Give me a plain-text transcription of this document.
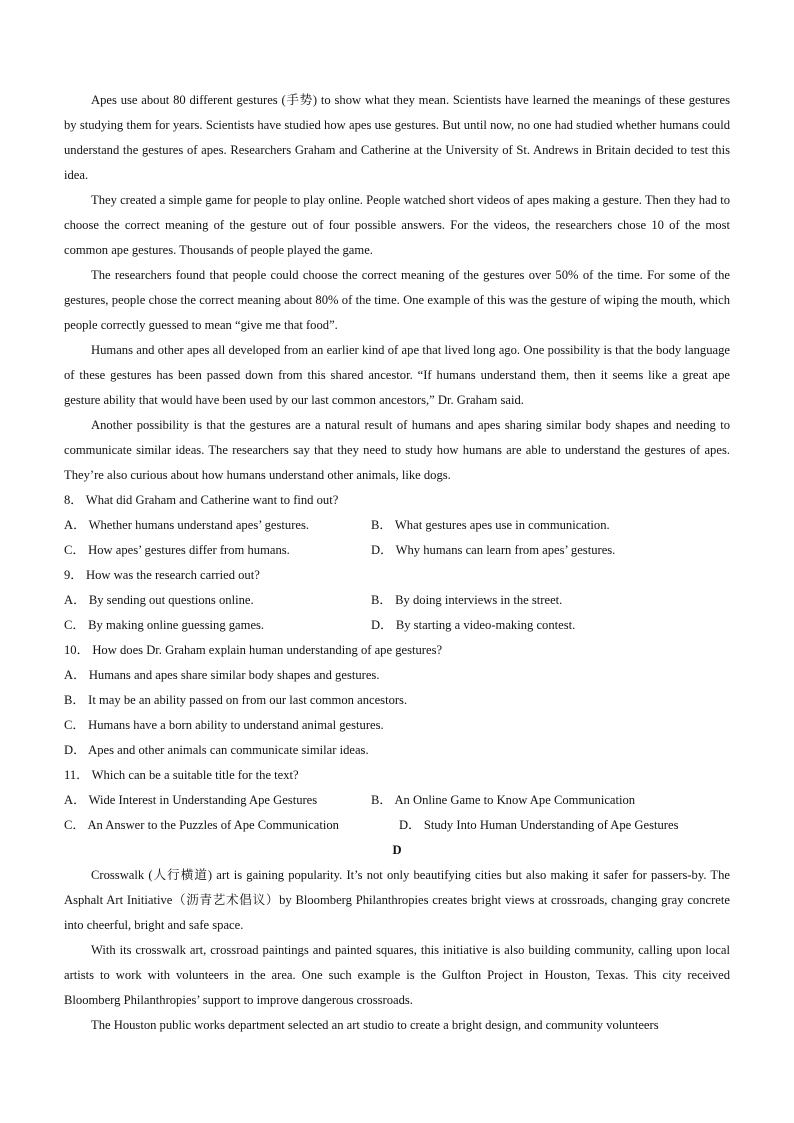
Apes use about 80 different gestures (手势) to show what they mean. Scientists have learned the meanings of these gestures by studying them for years. Scientists have studied how apes use gestures. But until now, no one had studied whether humans could understand the gestures of apes. Researchers Graham and Catherine at the University of St. Andrews in Britain decided to test this idea.

They created a simple game for people to play online. People watched short videos of apes making a gesture. Then they had to choose the correct meaning of the gesture out of four possible answers. For the videos, the researchers chose 10 of the most common ape gestures. Thousands of people played the game.

The researchers found that people could choose the correct meaning of the gestures over 50% of the time. For some of the gestures, people chose the correct meaning about 80% of the time. One example of this was the gesture of wiping the mouth, which people correctly guessed to mean “give me that food”.

Humans and other apes all developed from an earlier kind of ape that lived long ago. One possibility is that the body language of these gestures has been passed down from this shared ancestor. “If humans understand them, then it seems like a great ape gesture ability that would have been used by our last common ancestors,” Dr. Graham said.

Another possibility is that the gestures are a natural result of humans and apes sharing similar body shapes and needing to communicate similar ideas. The researchers say that they need to study how humans are able to understand the gestures of apes. They’re also curious about how humans understand other animals, like dogs.

8． What did Graham and Catherine want to find out?

A． Whether humans understand apes’ gestures.	B． What gestures apes use in communication.
C． How apes’ gestures differ from humans.	D． Why humans can learn from apes’ gestures.

9． How was the research carried out?

A． By sending out questions online.	B． By doing interviews in the street.
C． By making online guessing games.	D． By starting a video-making contest.

10． How does Dr. Graham explain human understanding of ape gestures?

A． Humans and apes share similar body shapes and gestures.

B． It may be an ability passed on from our last common ancestors.

C． Humans have a born ability to understand animal gestures.

D． Apes and other animals can communicate similar ideas.

11． Which can be a suitable title for the text?

A． Wide Interest in Understanding Ape Gestures	B． An Online Game to Know Ape Communication
C． An Answer to the Puzzles of Ape Communication	D． Study Into Human Understanding of Ape Gestures

D

Crosswalk (人行横道) art is gaining popularity. It’s not only beautifying cities but also making it safer for passers-by. The Asphalt Art Initiative（沥青艺术倡议）by Bloomberg Philanthropies creates bright views at crossroads, changing gray concrete into cheerful, bright and safe space.

With its crosswalk art, crossroad paintings and painted squares, this initiative is also building community, calling upon local artists to work with volunteers in the area. One such example is the Gulfton Project in Houston, Texas. This city received Bloomberg Philanthropies’ support to improve dangerous crossroads.

The Houston public works department selected an art studio to create a bright design, and community volunteers
